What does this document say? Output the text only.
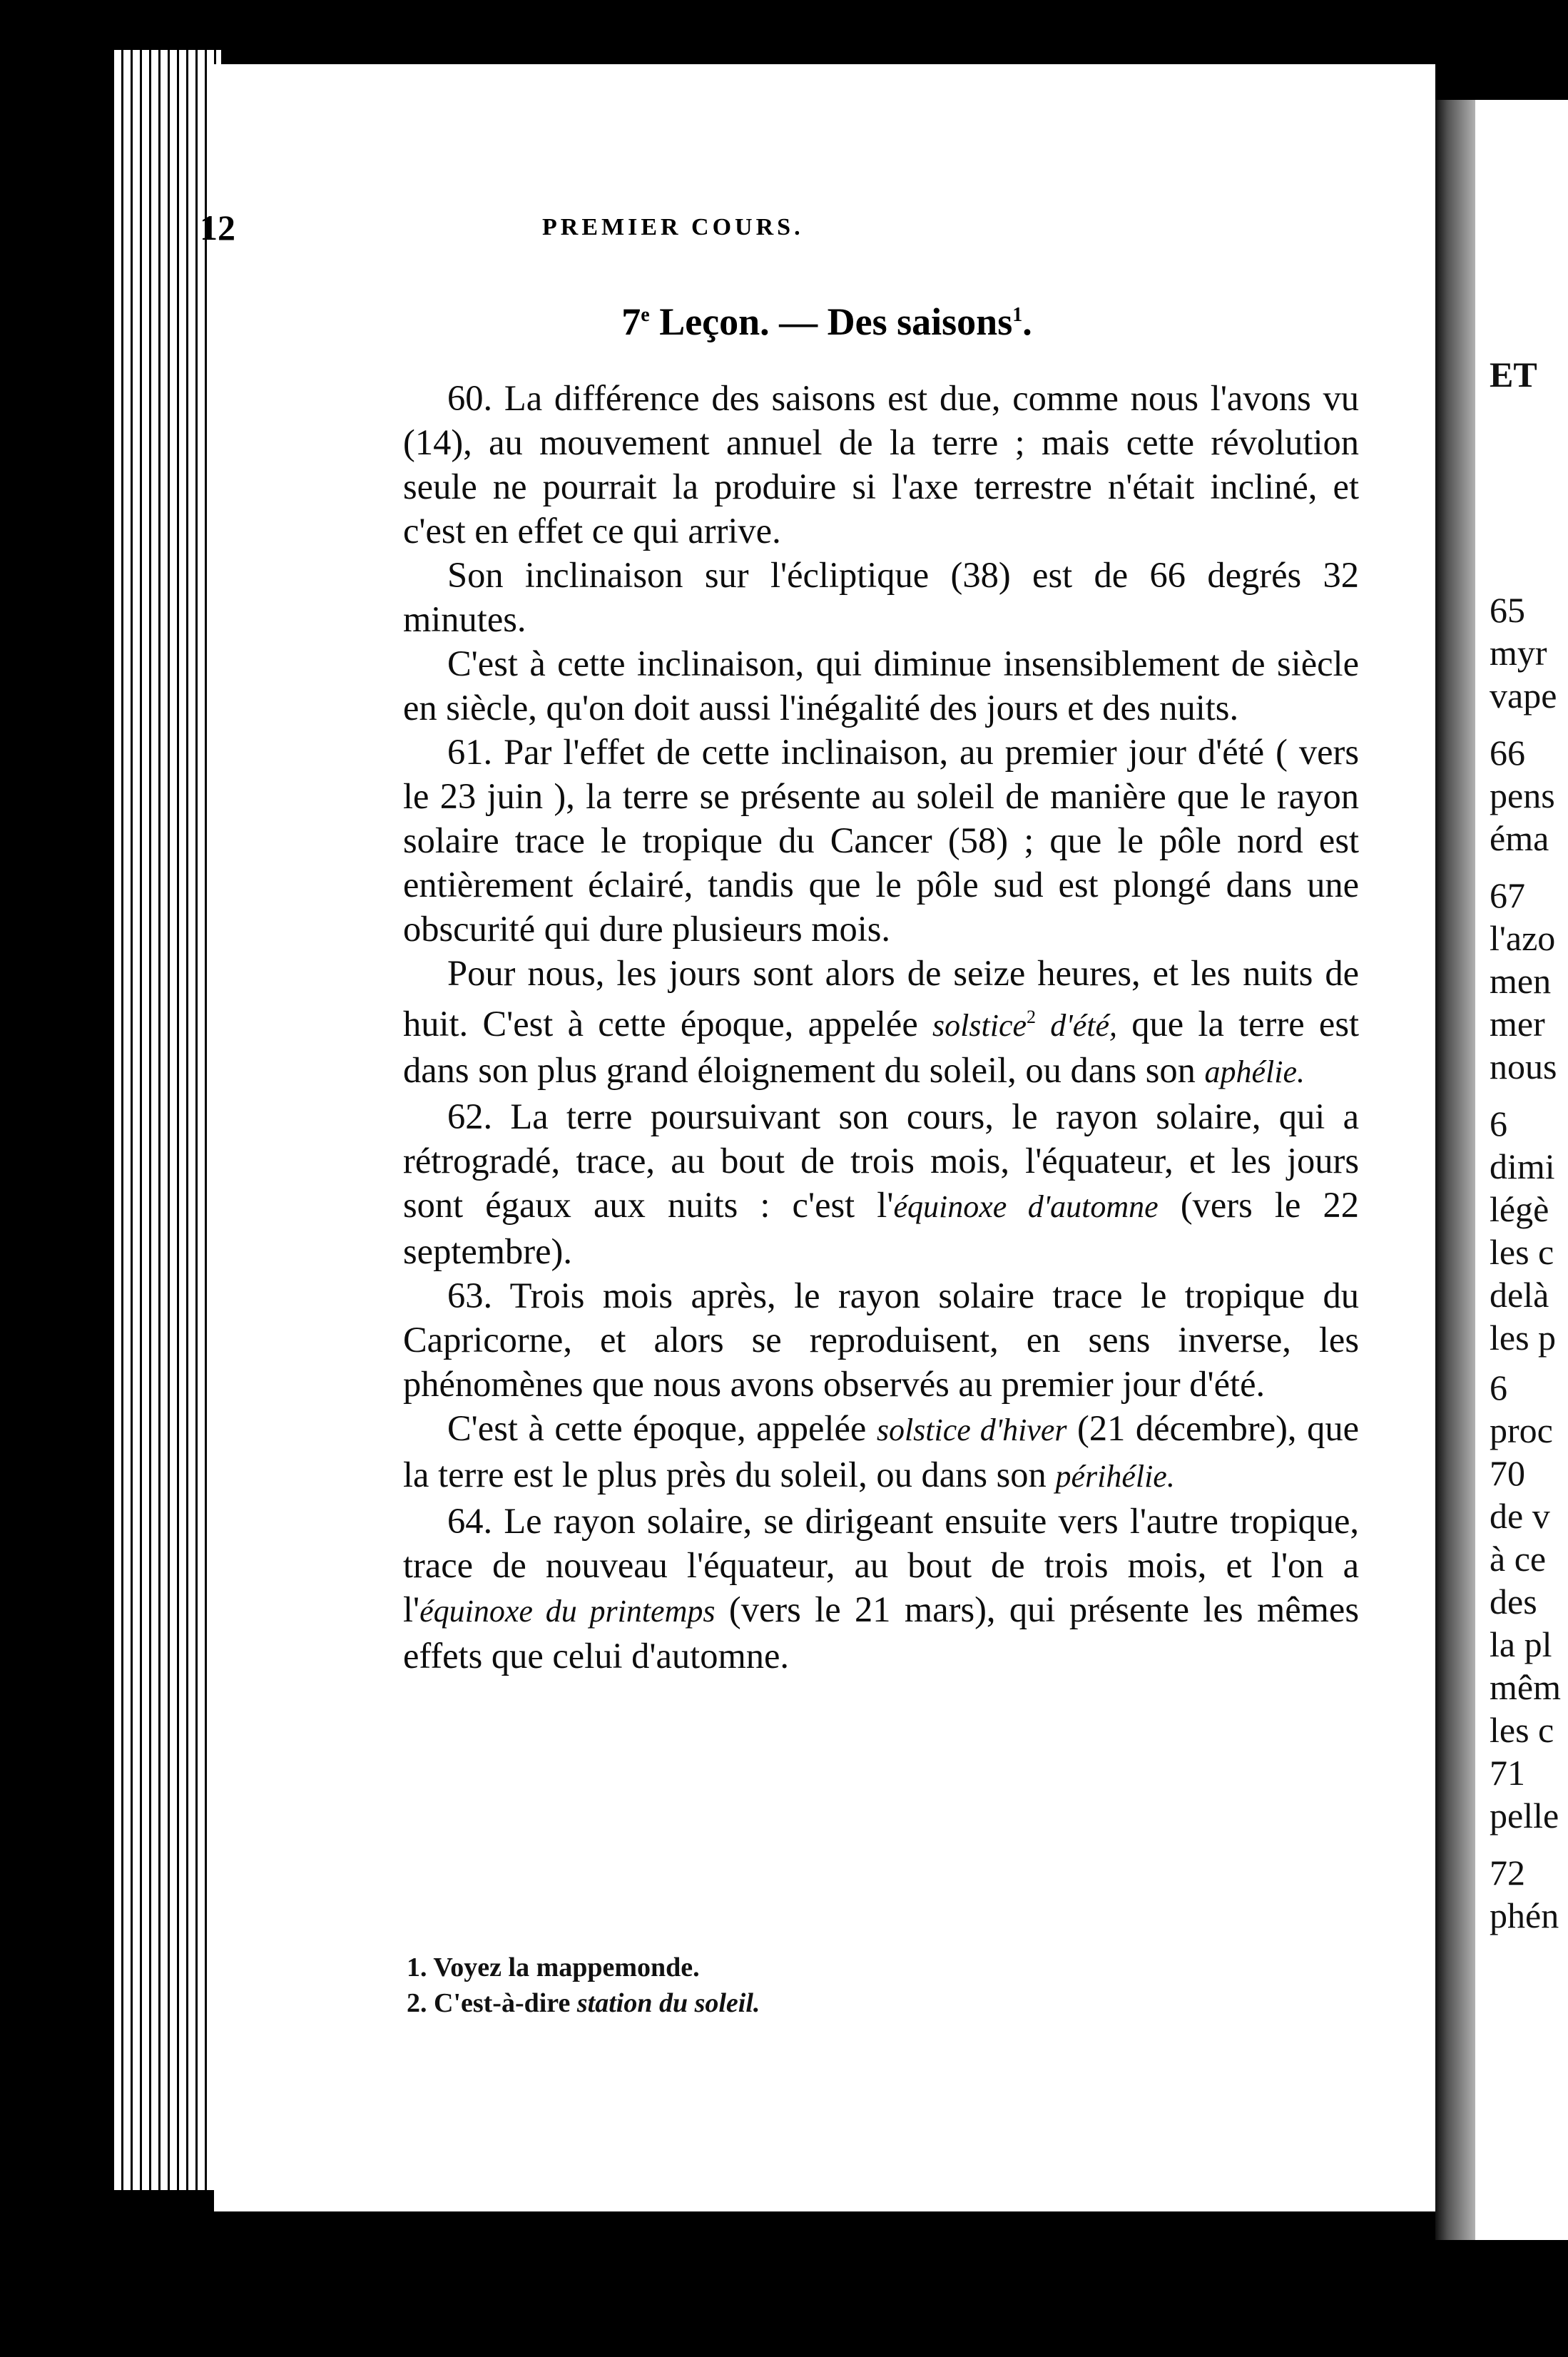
ET
65
myr
vape
66
pens
éma
67
l'azo
men
mer
nous
6
dimi
légè
les c
delà
les p
6
proc
70
de v
à ce
des
la pl
mêm
les c
71
pelle
72
phén
12	PREMIER COURS.
7e Leçon. — Des saisons$^1$.

60. La différence des saisons est due, comme nous l'avons vu (14), au mouvement annuel de la terre ; mais cette révolution seule ne pourrait la produire si l'axe terrestre n'était incliné, et c'est en effet ce qui arrive.

Son inclinaison sur l'écliptique (38) est de 66 degrés 32 minutes.

C'est à cette inclinaison, qui diminue insensiblement de siècle en siècle, qu'on doit aussi l'inégalité des jours et des nuits.

61. Par l'effet de cette inclinaison, au premier jour d'été ( vers le 23 juin ), la terre se présente au soleil de manière que le rayon solaire trace le tropique du Cancer (58) ; que le pôle nord est entièrement éclairé, tandis que le pôle sud est plongé dans une obscurité qui dure plusieurs mois.

Pour nous, les jours sont alors de seize heures, et les nuits de huit. C'est à cette époque, appelée solstice$^2$ d'été, que la terre est dans son plus grand éloignement du soleil, ou dans son aphélie.

62. La terre poursuivant son cours, le rayon solaire, qui a rétrogradé, trace, au bout de trois mois, l'équateur, et les jours sont égaux aux nuits : c'est l'équinoxe d'automne (vers le 22 septembre).

63. Trois mois après, le rayon solaire trace le tropique du Capricorne, et alors se reproduisent, en sens inverse, les phénomènes que nous avons observés au premier jour d'été.

C'est à cette époque, appelée solstice d'hiver (21 décembre), que la terre est le plus près du soleil, ou dans son périhélie.

64. Le rayon solaire, se dirigeant ensuite vers l'autre tropique, trace de nouveau l'équateur, au bout de trois mois, et l'on a l'équinoxe du printemps (vers le 21 mars), qui présente les mêmes effets que celui d'automne.

1. Voyez la mappemonde.
2. C'est-à-dire station du soleil.
